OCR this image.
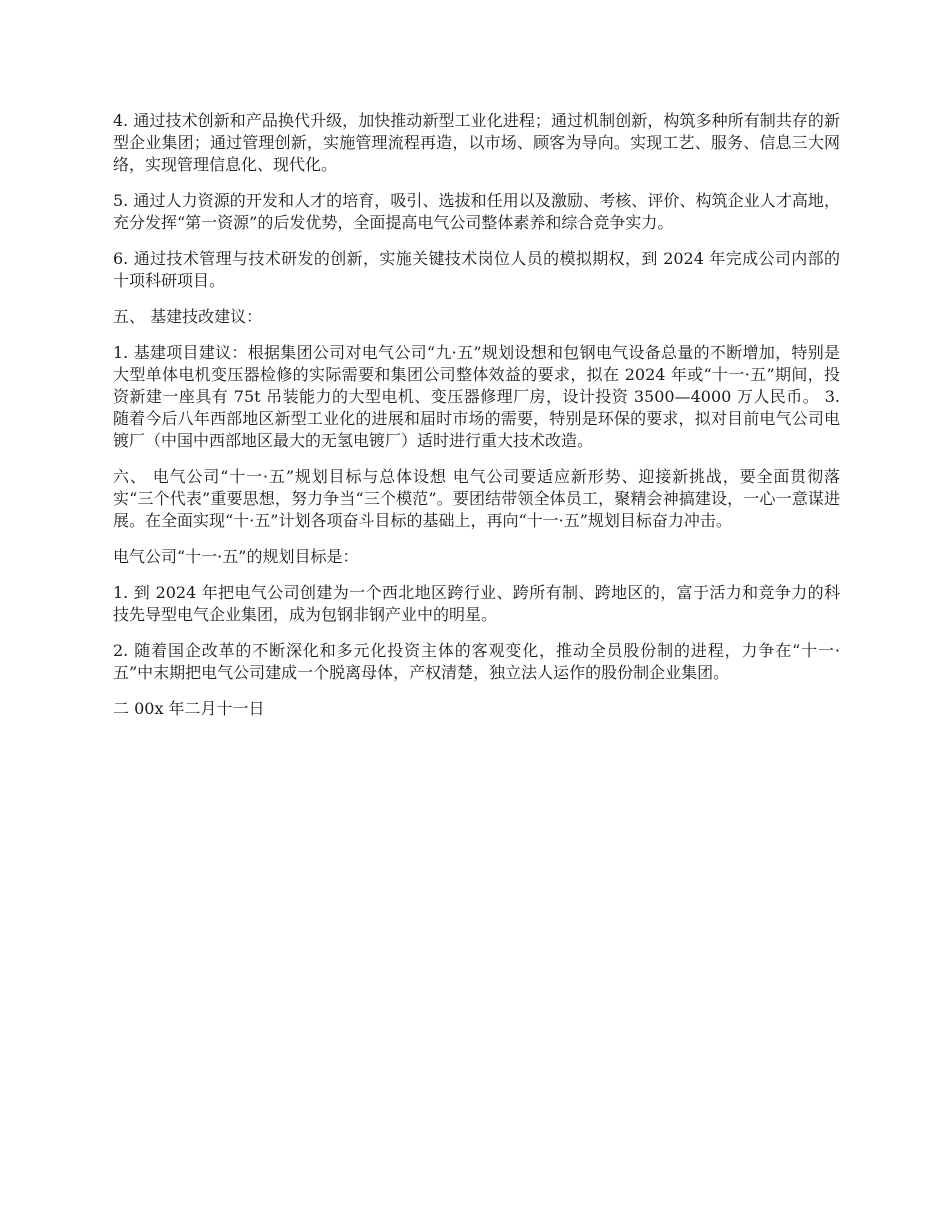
4. 通过技术创新和产品换代升级，加快推动新型工业化进程；通过机制创新，构筑多种所有制共存的新型企业集团；通过管理创新，实施管理流程再造，以市场、顾客为导向。实现工艺、服务、信息三大网络，实现管理信息化、现代化。

5. 通过人力资源的开发和人才的培育，吸引、选拔和任用以及激励、考核、评价、构筑企业人才高地，充分发挥“第一资源”的后发优势，全面提高电气公司整体素养和综合竞争实力。

6. 通过技术管理与技术研发的创新，实施关键技术岗位人员的模拟期权，到 2024 年完成公司内部的十项科研项目。

五、 基建技改建议：

1. 基建项目建议：根据集团公司对电气公司“九·五”规划设想和包钢电气设备总量的不断增加，特别是大型单体电机变压器检修的实际需要和集团公司整体效益的要求，拟在 2024 年或“十一·五”期间，投资新建一座具有 75t 吊装能力的大型电机、变压器修理厂房，设计投资 3500—4000 万人民币。 3. 随着今后八年西部地区新型工业化的进展和届时市场的需要，特别是环保的要求，拟对目前电气公司电镀厂（中国中西部地区最大的无氢电镀厂）适时进行重大技术改造。

六、 电气公司“十一·五”规划目标与总体设想 电气公司要适应新形势、迎接新挑战，要全面贯彻落实“三个代表”重要思想，努力争当“三个模范”。要团结带领全体员工，聚精会神搞建设，一心一意谋进展。在全面实现“十·五”计划各项奋斗目标的基础上，再向“十一·五”规划目标奋力冲击。

电气公司“十一·五”的规划目标是：

1. 到 2024 年把电气公司创建为一个西北地区跨行业、跨所有制、跨地区的，富于活力和竞争力的科技先导型电气企业集团，成为包钢非钢产业中的明星。

2. 随着国企改革的不断深化和多元化投资主体的客观变化，推动全员股份制的进程，力争在“十一·五”中末期把电气公司建成一个脱离母体，产权清楚，独立法人运作的股份制企业集团。

二 00x 年二月十一日
